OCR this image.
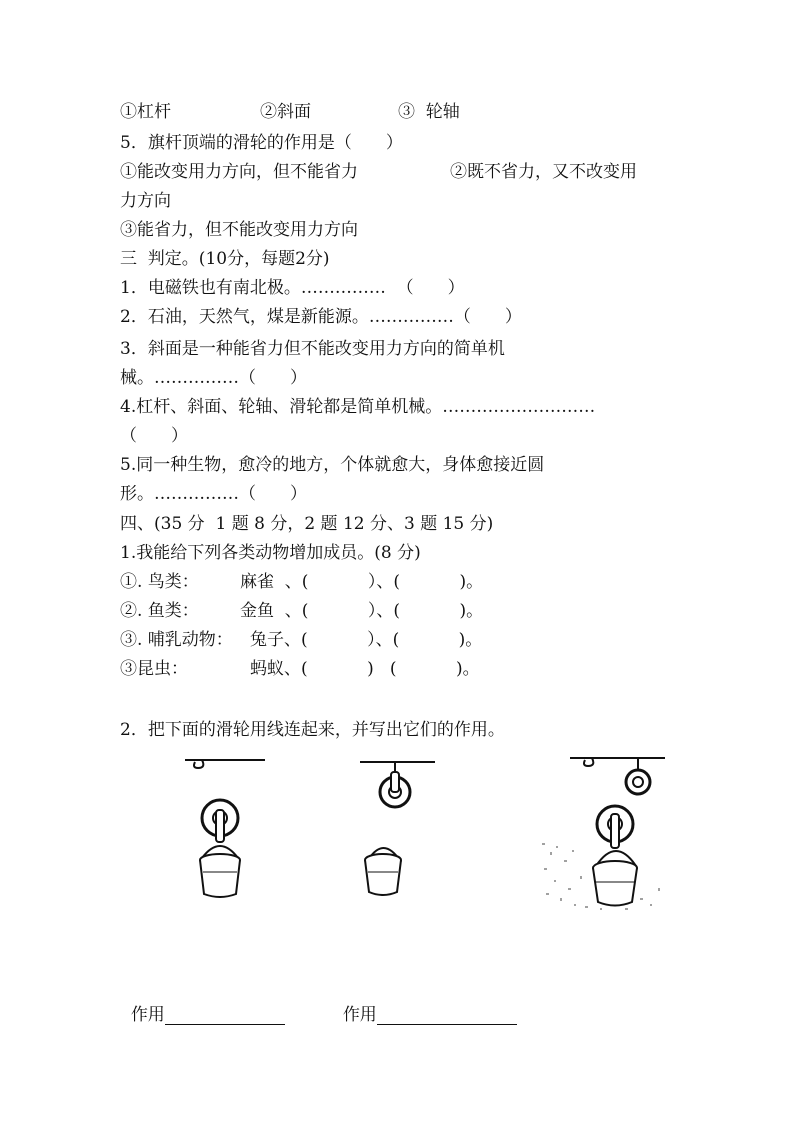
①杠杆	②斜面	③  轮轴
5．旗杆顶端的滑轮的作用是（　　）
①能改变用力方向，但不能省力	②既不省力，又不改变用
力方向
③能省力，但不能改变用力方向
三  判定。(10分，每题2分)
1．电磁铁也有南北极。……………  （　　）
2．石油，天然气，煤是新能源。……………（　　）
3．斜面是一种能省力但不能改变用力方向的简单机
械。……………（　　）
4.杠杆、斜面、轮轴、滑轮都是简单机械。………………………
（　　）
5.同一种生物，愈冷的地方，个体就愈大，身体愈接近圆
形。……………（　　）
四、(35 分  1 题 8 分，2 题 12 分、3 题 15 分)
1.我能给下列各类动物增加成员。(8 分)
①. 鸟类： 麻雀  、(           ）、(           )。
②. 鱼类： 金鱼  、(           ）、(           )。
③. 哺乳动物： 兔子、(           ）、(           )。
③昆虫：	蚂蚁、(           )   (           )。
2．把下面的滑轮用线连起来，并写出它们的作用。

作用	作用
